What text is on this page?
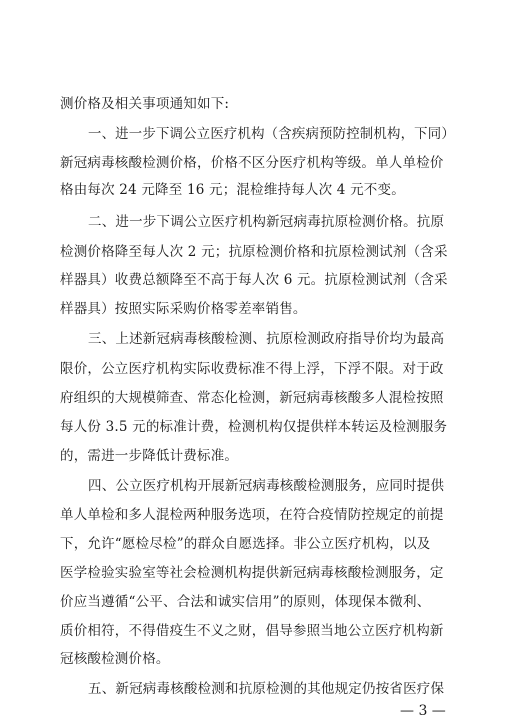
测价格及相关事项通知如下:
一、进一步下调公立医疗机构（含疾病预防控制机构，下同）
新冠病毒核酸检测价格，价格不区分医疗机构等级。单人单检价
格由每次 24 元降至 16 元；混检维持每人次 4 元不变。
二、进一步下调公立医疗机构新冠病毒抗原检测价格。抗原
检测价格降至每人次 2 元；抗原检测价格和抗原检测试剂（含采
样器具）收费总额降至不高于每人次 6 元。抗原检测试剂（含采
样器具）按照实际采购价格零差率销售。
三、上述新冠病毒核酸检测、抗原检测政府指导价均为最高
限价，公立医疗机构实际收费标准不得上浮，下浮不限。对于政
府组织的大规模筛查、常态化检测，新冠病毒核酸多人混检按照
每人份 3.5 元的标准计费，检测机构仅提供样本转运及检测服务
的，需进一步降低计费标准。
四、公立医疗机构开展新冠病毒核酸检测服务，应同时提供
单人单检和多人混检两种服务选项，在符合疫情防控规定的前提
下，允许“愿检尽检”的群众自愿选择。非公立医疗机构，以及
医学检验实验室等社会检测机构提供新冠病毒核酸检测服务，定
价应当遵循“公平、合法和诚实信用”的原则，体现保本微利、
质价相符，不得借疫生不义之财，倡导参照当地公立医疗机构新
冠核酸检测价格。
五、新冠病毒核酸检测和抗原检测的其他规定仍按省医疗保
— 3 —
